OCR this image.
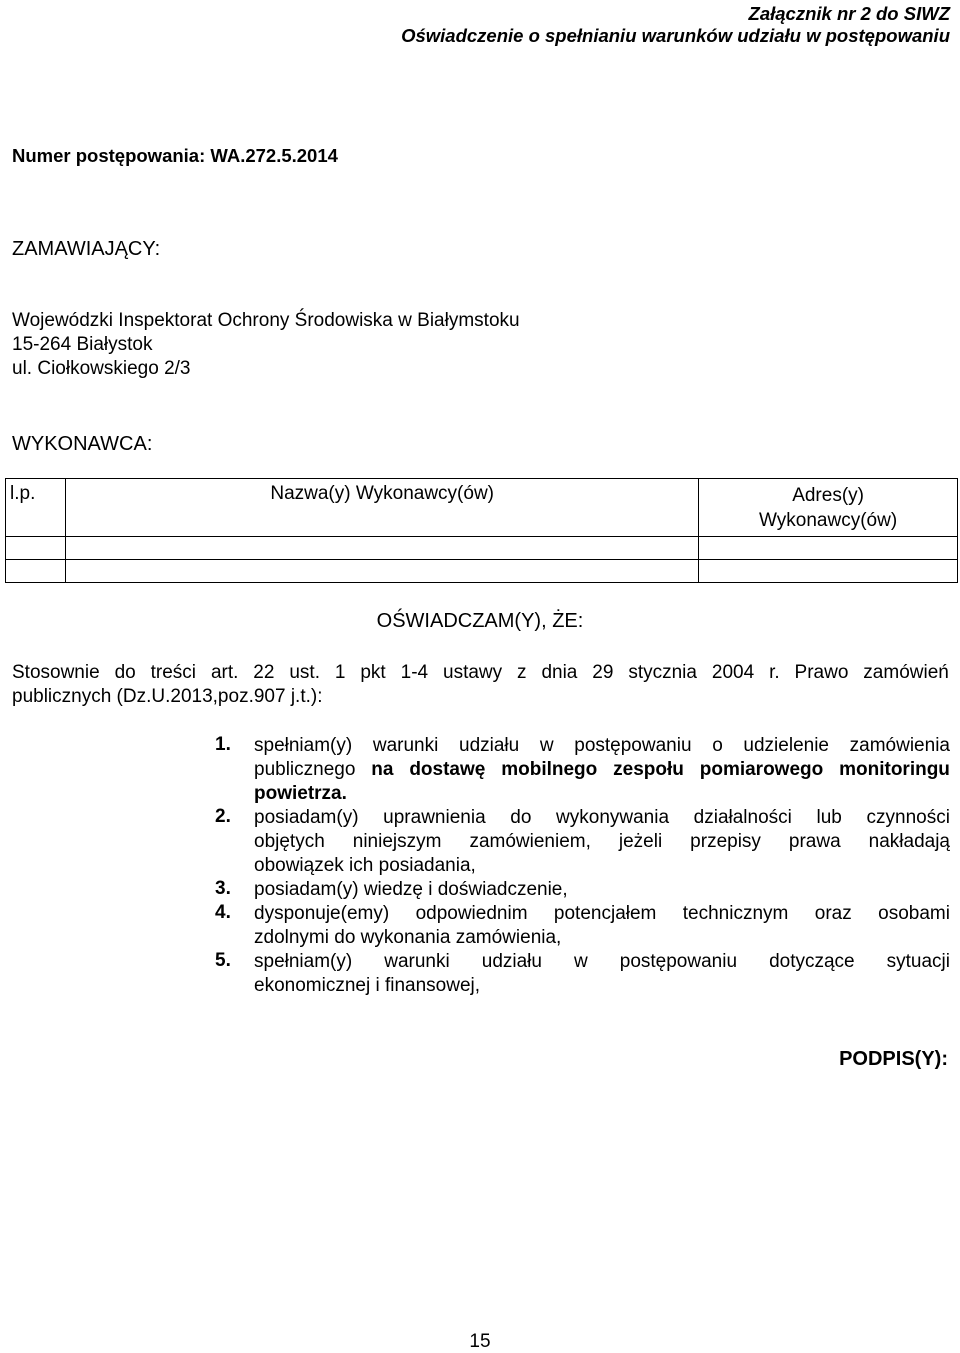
Załącznik nr 2 do SIWZ
Oświadczenie o spełnianiu warunków udziału w postępowaniu
Numer postępowania: WA.272.5.2014
ZAMAWIAJĄCY:
Wojewódzki Inspektorat Ochrony Środowiska w Białymstoku
15-264 Białystok
ul. Ciołkowskiego 2/3
WYKONAWCA:
l.p.	Nazwa(y) Wykonawcy(ów)	Adres(y)
Wykonawcy(ów)

OŚWIADCZAM(Y), ŻE:
Stosownie do treści art. 22 ust. 1 pkt 1-4 ustawy z dnia 29 stycznia 2004 r. Prawo zamówień
publicznych (Dz.U.2013,poz.907 j.t.):
1. spełniam(y) warunki udziału w postępowaniu o udzielenie zamówienia
publicznego na dostawę mobilnego zespołu pomiarowego monitoringu
powietrza.
2. posiadam(y) uprawnienia do wykonywania działalności lub czynności
objętych niniejszym zamówieniem, jeżeli przepisy prawa nakładają
obowiązek ich posiadania,
3. posiadam(y) wiedzę i doświadczenie,
4. dysponuje(emy) odpowiednim potencjałem technicznym oraz osobami
zdolnymi do wykonania zamówienia,
5. spełniam(y) warunki udziału w postępowaniu dotyczące sytuacji
ekonomicznej i finansowej,
PODPIS(Y):
15
